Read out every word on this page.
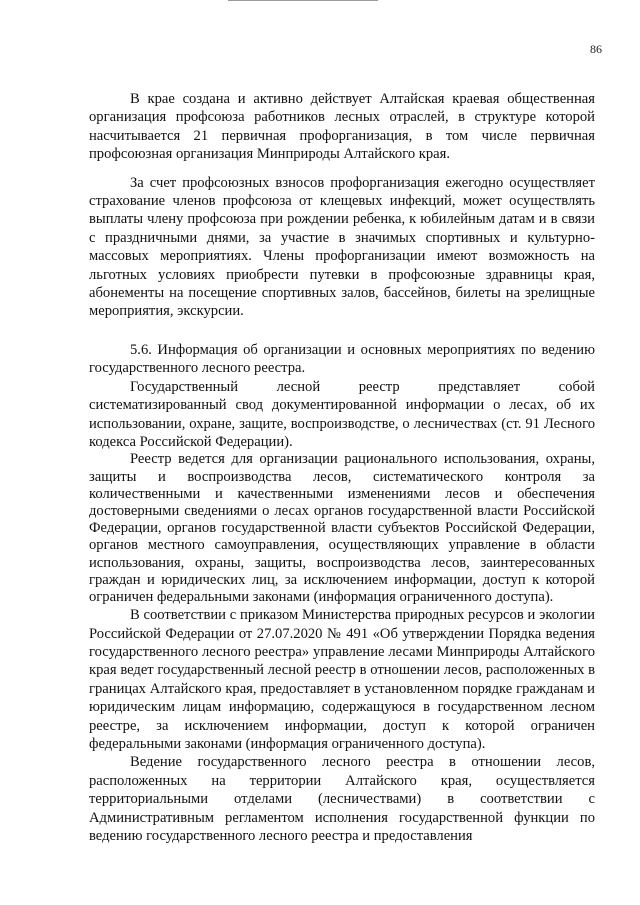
86

В крае создана и активно действует Алтайская краевая общественная организация профсоюза работников лесных отраслей, в структуре которой насчитывается 21 первичная профорганизация, в том числе первичная профсоюзная организация Минприроды Алтайского края.

За счет профсоюзных взносов профорганизация ежегодно осуществляет страхование членов профсоюза от клещевых инфекций, может осуществлять выплаты члену профсоюза при рождении ребенка, к юбилейным датам и в связи с праздничными днями, за участие в значимых спортивных и культурно-массовых мероприятиях. Члены профорганизации имеют возможность на льготных условиях приобрести путевки в профсоюзные здравницы края, абонементы на посещение спортивных залов, бассейнов, билеты на зрелищные мероприятия, экскурсии.

5.6. Информация об организации и основных мероприятиях по ведению государственного лесного реестра.

Государственный лесной реестр представляет собой систематизированный свод документированной информации о лесах, об их использовании, охране, защите, воспроизводстве, о лесничествах (ст. 91 Лесного кодекса Российской Федерации).

Реестр ведется для организации рационального использования, охраны, защиты и воспроизводства лесов, систематического контроля за количественными и качественными изменениями лесов и обеспечения достоверными сведениями о лесах органов государственной власти Российской Федерации, органов государственной власти субъектов Российской Федерации, органов местного самоуправления, осуществляющих управление в области использования, охраны, защиты, воспроизводства лесов, заинтересованных граждан и юридических лиц, за исключением информации, доступ к которой ограничен федеральными законами (информация ограниченного доступа).

В соответствии с приказом Министерства природных ресурсов и экологии Российской Федерации от 27.07.2020 № 491 «Об утверждении Порядка ведения государственного лесного реестра» управление лесами Минприроды Алтайского края ведет государственный лесной реестр в отношении лесов, расположенных в границах Алтайского края, предоставляет в установленном порядке гражданам и юридическим лицам информацию, содержащуюся в государственном лесном реестре, за исключением информации, доступ к которой ограничен федеральными законами (информация ограниченного доступа).

Ведение государственного лесного реестра в отношении лесов, расположенных на территории Алтайского края, осуществляется территориальными отделами (лесничествами) в соответствии с Административным регламентом исполнения государственной функции по ведению государственного лесного реестра и предоставления
